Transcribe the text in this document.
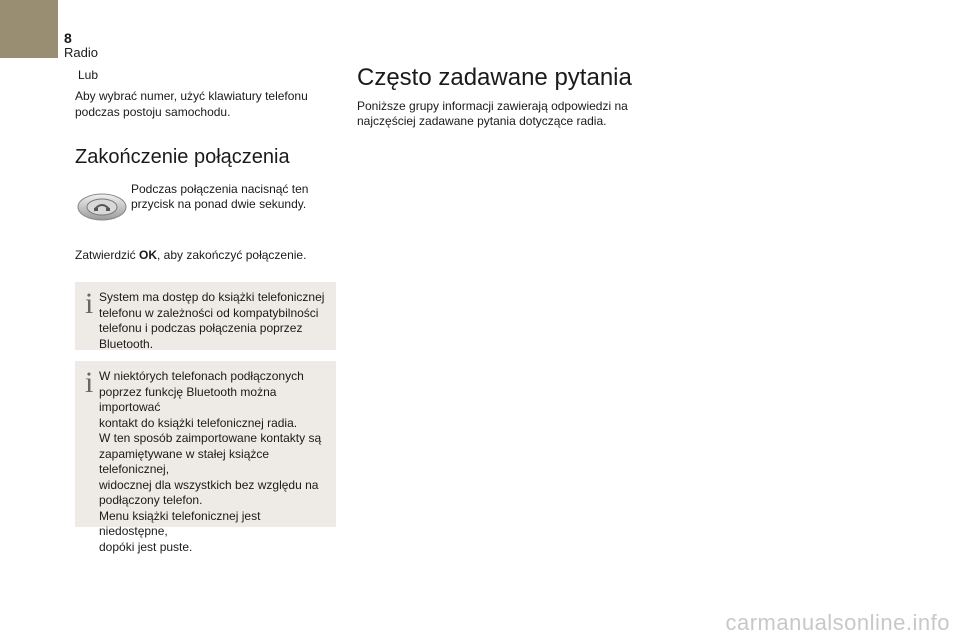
8
Radio
Lub
Aby wybrać numer, użyć klawiatury telefonu
podczas postoju samochodu.
Zakończenie połączenia
Podczas połączenia nacisnąć ten
przycisk na ponad dwie sekundy.
Zatwierdzić OK, aby zakończyć połączenie.
i System ma dostęp do książki telefonicznej
telefonu w zależności od kompatybilności
telefonu i podczas połączenia poprzez Bluetooth.
i W niektórych telefonach podłączonych
poprzez funkcję Bluetooth można importować
kontakt do książki telefonicznej radia.
W ten sposób zaimportowane kontakty są
zapamiętywane w stałej książce telefonicznej,
widocznej dla wszystkich bez względu na
podłączony telefon.
Menu książki telefonicznej jest niedostępne,
dopóki jest puste.
Często zadawane pytania
Poniższe grupy informacji zawierają odpowiedzi na
najczęściej zadawane pytania dotyczące radia.
carmanualsonline.info
